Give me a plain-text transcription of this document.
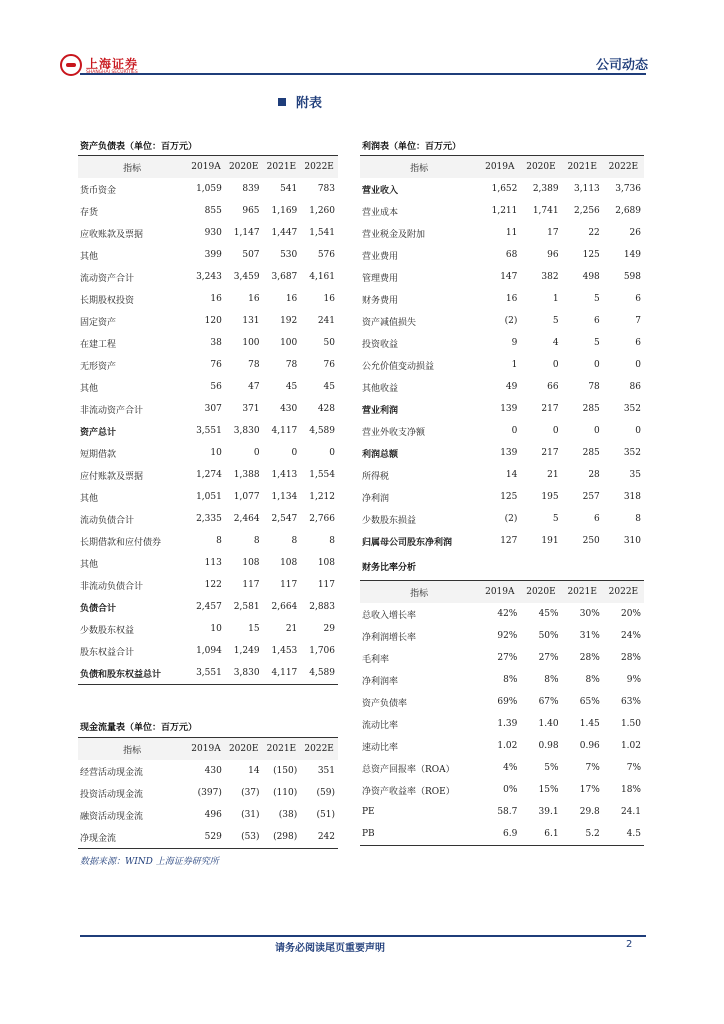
上海证券	公司动态
附表
资产负债表（单位：百万元）
指标	2019A	2020E	2021E	2022E
货币资金	1,059	839	541	783
存货	855	965	1,169	1,260
应收账款及票据	930	1,147	1,447	1,541
其他	399	507	530	576
流动资产合计	3,243	3,459	3,687	4,161
长期股权投资	16	16	16	16
固定资产	120	131	192	241
在建工程	38	100	100	50
无形资产	76	78	78	76
其他	56	47	45	45
非流动资产合计	307	371	430	428
资产总计	3,551	3,830	4,117	4,589
短期借款	10	0	0	0
应付账款及票据	1,274	1,388	1,413	1,554
其他	1,051	1,077	1,134	1,212
流动负债合计	2,335	2,464	2,547	2,766
长期借款和应付债券	8	8	8	8
其他	113	108	108	108
非流动负债合计	122	117	117	117
负债合计	2,457	2,581	2,664	2,883
少数股东权益	10	15	21	29
股东权益合计	1,094	1,249	1,453	1,706
负债和股东权益总计	3,551	3,830	4,117	4,589
现金流量表（单位：百万元）
指标	2019A	2020E	2021E	2022E
经营活动现金流	430	14	(150)	351
投资活动现金流	(397)	(37)	(110)	(59)
融资活动现金流	496	(31)	(38)	(51)
净现金流	529	(53)	(298)	242
利润表（单位：百万元）
指标	2019A	2020E	2021E	2022E
营业收入	1,652	2,389	3,113	3,736
营业成本	1,211	1,741	2,256	2,689
营业税金及附加	11	17	22	26
营业费用	68	96	125	149
管理费用	147	382	498	598
财务费用	16	1	5	6
资产减值损失	(2)	5	6	7
投资收益	9	4	5	6
公允价值变动损益	1	0	0	0
其他收益	49	66	78	86
营业利润	139	217	285	352
营业外收支净额	0	0	0	0
利润总额	139	217	285	352
所得税	14	21	28	35
净利润	125	195	257	318
少数股东损益	(2)	5	6	8
归属母公司股东净利润	127	191	250	310
财务比率分析
指标	2019A	2020E	2021E	2022E
总收入增长率	42%	45%	30%	20%
净利润增长率	92%	50%	31%	24%
毛利率	27%	27%	28%	28%
净利润率	8%	8%	8%	9%
资产负债率	69%	67%	65%	63%
流动比率	1.39	1.40	1.45	1.50
速动比率	1.02	0.98	0.96	1.02
总资产回报率（ROA）	4%	5%	7%	7%
净资产收益率（ROE）	0%	15%	17%	18%
PE	58.7	39.1	29.8	24.1
PB	6.9	6.1	5.2	4.5
数据来源：WIND 上海证券研究所
请务必阅读尾页重要声明	2
